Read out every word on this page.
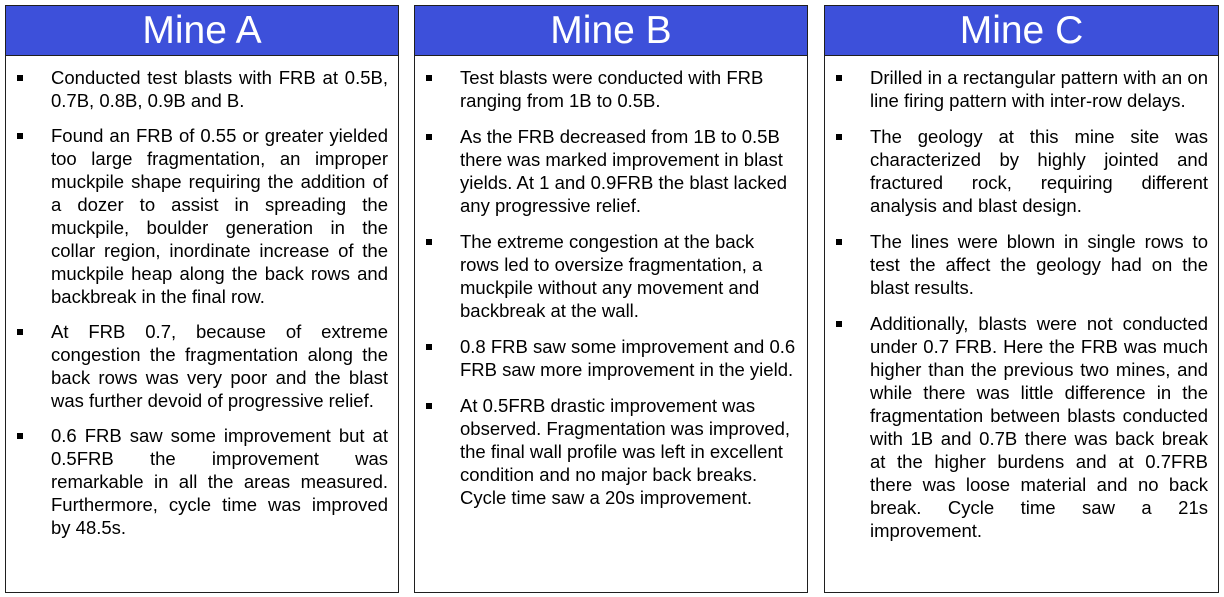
Mine A
Conducted test blasts with FRB at 0.5B, 0.7B, 0.8B, 0.9B and B.
Found an FRB of 0.55 or greater yielded too large fragmentation, an improper muckpile shape requiring the addition of a dozer to assist in spreading the muckpile, boulder generation in the collar region, inordinate increase of the muckpile heap along the back rows and backbreak in the final row.
At FRB 0.7, because of extreme congestion the fragmentation along the back rows was very poor and the blast was further devoid of progressive relief.
0.6 FRB saw some improvement but at 0.5FRB the improvement was remarkable in all the areas measured. Furthermore, cycle time was improved by 48.5s.
Mine B
Test blasts were conducted with FRB ranging from 1B to 0.5B.
As the FRB decreased from 1B to 0.5B there was marked improvement in blast yields. At 1 and 0.9FRB the blast lacked any progressive relief.
The extreme congestion at the back rows led to oversize fragmentation, a muckpile without any movement and backbreak at the wall.
0.8 FRB saw some improvement and 0.6 FRB saw more improvement in the yield.
At 0.5FRB drastic improvement was observed. Fragmentation was improved, the final wall profile was left in excellent condition and no major back breaks. Cycle time saw a 20s improvement.
Mine C
Drilled in a rectangular pattern with an on line firing pattern with inter-row delays.
The geology at this mine site was characterized by highly jointed and fractured rock, requiring different analysis and blast design.
The lines were blown in single rows to test the affect the geology had on the blast results.
Additionally, blasts were not conducted under 0.7 FRB. Here the FRB was much higher than the previous two mines, and while there was little difference in the fragmentation between blasts conducted with 1B and 0.7B there was back break at the higher burdens and at 0.7FRB there was loose material and no back break. Cycle time saw a 21s improvement.
